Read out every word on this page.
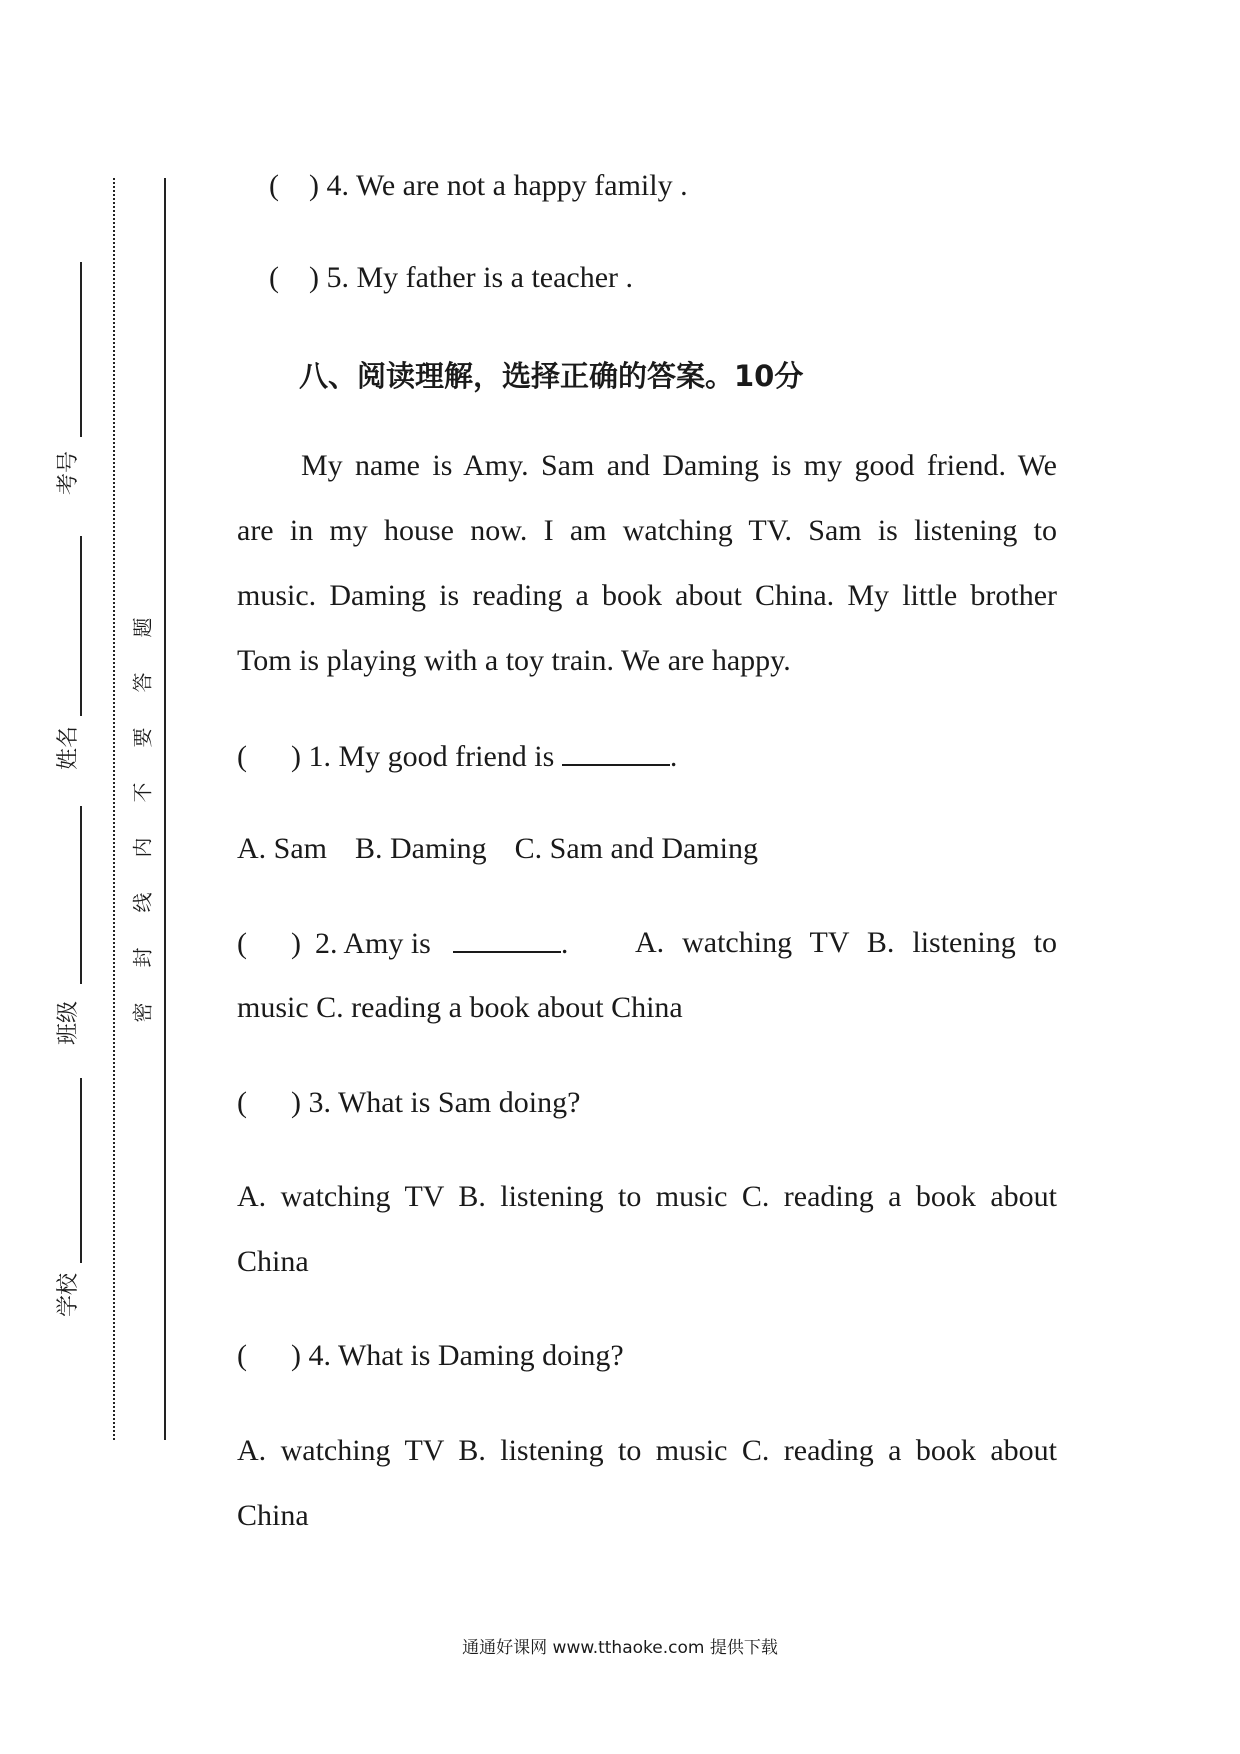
考号
姓名
班级
学校
密
封
线
内
不
要
答
题
( ) 4. We are not a happy family .
( ) 5. My father is a teacher .
八、阅读理解，选择正确的答案。10分
My name is Amy. Sam and Daming is my good friend. We
are in my house now. I am watching TV. Sam is listening to
music. Daming is reading a book about China. My little brother
Tom is playing with a toy train. We are happy.
( ) 1. My good friend is	.
A. Sam B. Daming C. Sam and Daming
( ) 2. Amy is	. A. watching TV B. listening to
music C. reading a book about China
( ) 3. What is Sam doing?
A. watching TV B. listening to music C. reading a book about
China
( ) 4. What is Daming doing?
A. watching TV B. listening to music C. reading a book about
China
通通好课网 www.tthaoke.com 提供下载
